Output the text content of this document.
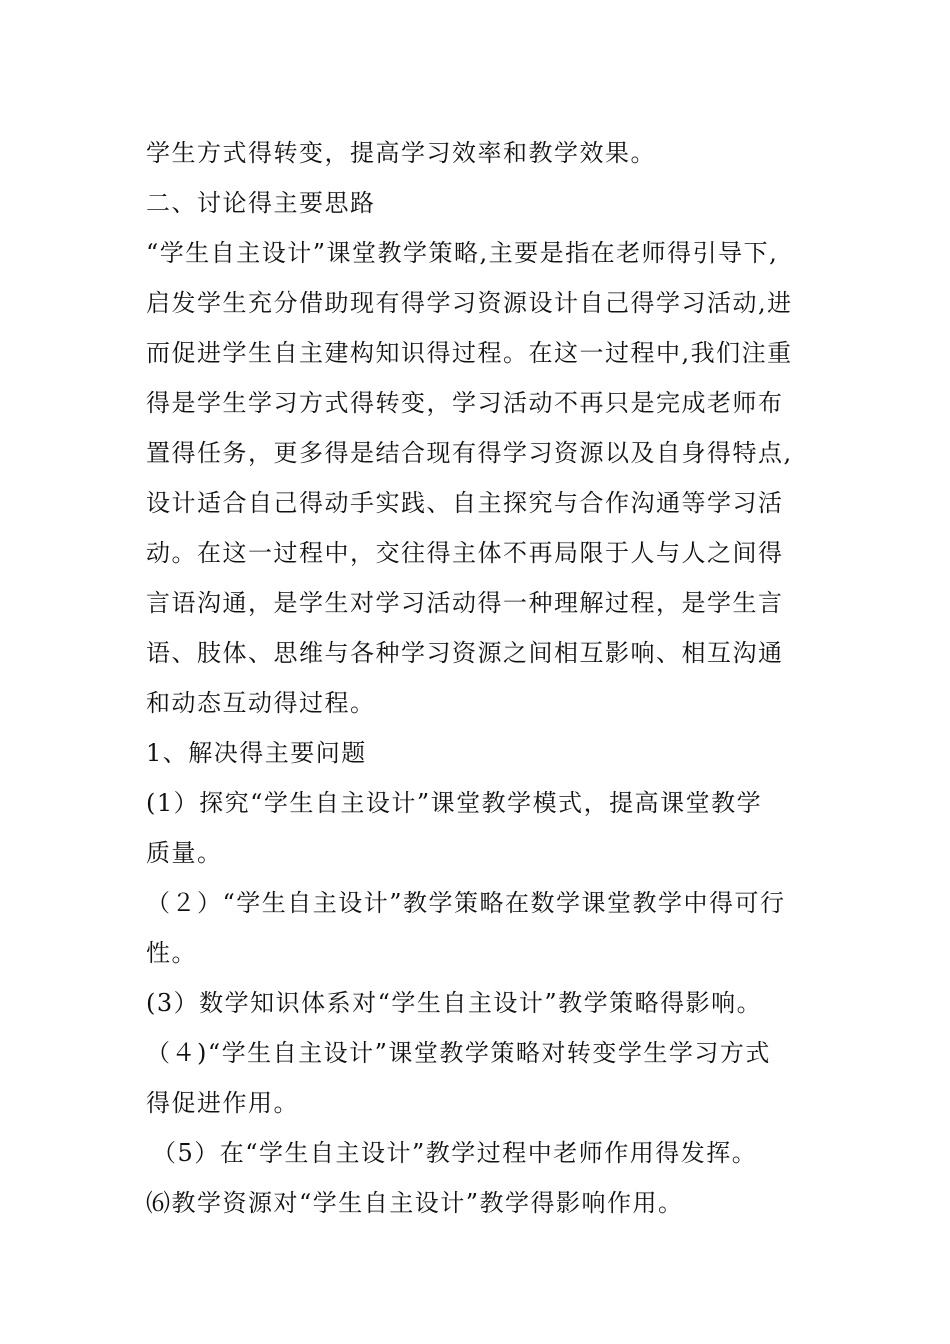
学生方式得转变，提高学习效率和教学效果。
二、讨论得主要思路
“学生自主设计”课堂教学策略,主要是指在老师得引导下,
启发学生充分借助现有得学习资源设计自己得学习活动,进
而促进学生自主建构知识得过程。在这一过程中,我们注重
得是学生学习方式得转变，学习活动不再只是完成老师布
置得任务，更多得是结合现有得学习资源以及自身得特点,
设计适合自己得动手实践、自主探究与合作沟通等学习活
动。在这一过程中，交往得主体不再局限于人与人之间得
言语沟通，是学生对学习活动得一种理解过程，是学生言
语、肢体、思维与各种学习资源之间相互影响、相互沟通
和动态互动得过程。
1、解决得主要问题
(1）探究“学生自主设计”课堂教学模式，提高课堂教学
质量。
（２）“学生自主设计”教学策略在数学课堂教学中得可行
性。
(3）数学知识体系对“学生自主设计”教学策略得影响。
（４)“学生自主设计”课堂教学策略对转变学生学习方式
得促进作用。
（5）在“学生自主设计”教学过程中老师作用得发挥。
⑹教学资源对“学生自主设计”教学得影响作用。
